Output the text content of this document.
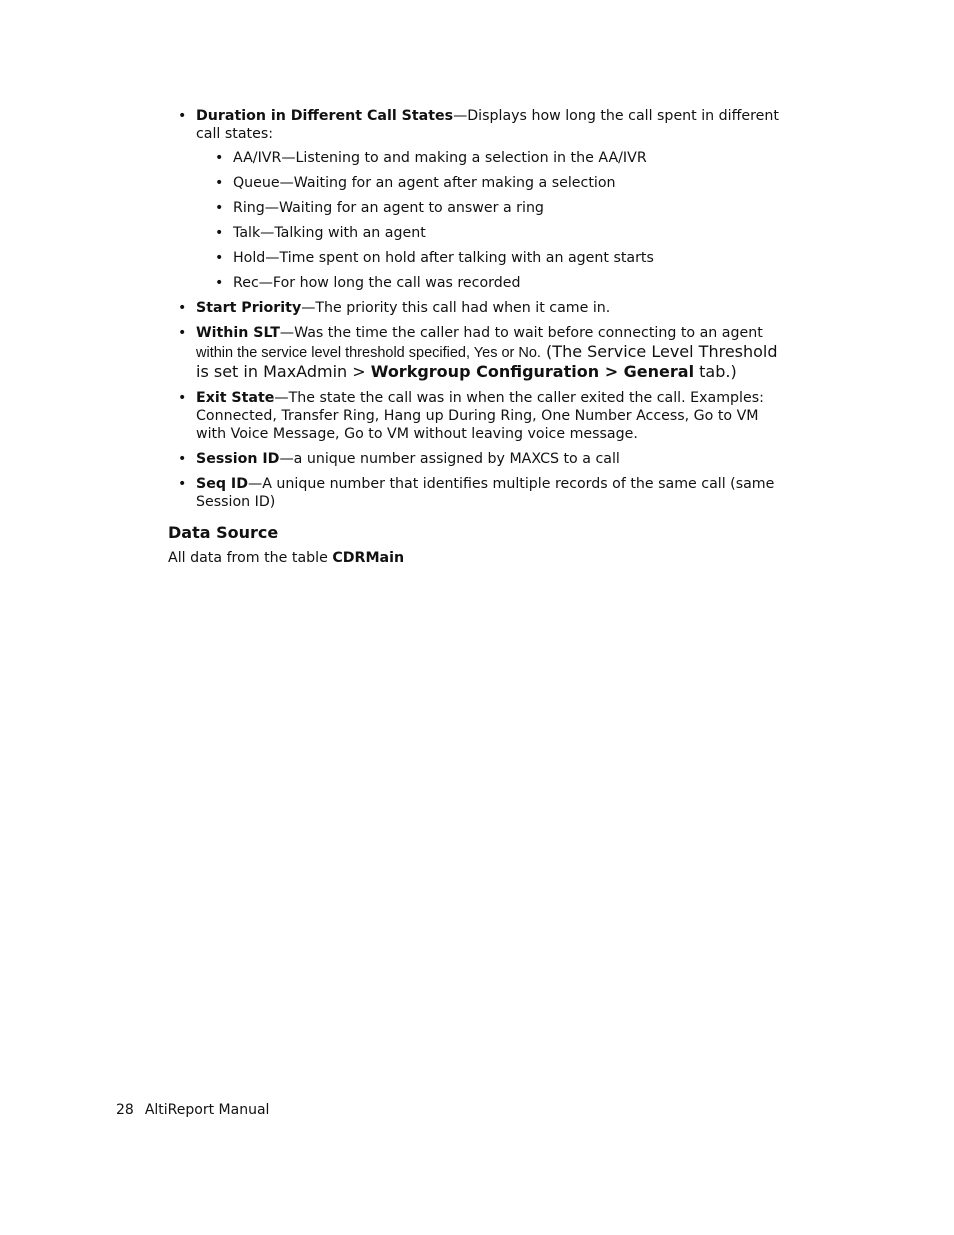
• Duration in Different Call States—Displays how long the call spent in different call states:
• AA/IVR—Listening to and making a selection in the AA/IVR
• Queue—Waiting for an agent after making a selection
• Ring—Waiting for an agent to answer a ring
• Talk—Talking with an agent
• Hold—Time spent on hold after talking with an agent starts
• Rec—For how long the call was recorded
• Start Priority—The priority this call had when it came in.
• Within SLT—Was the time the caller had to wait before connecting to an agent within the service level threshold specified, Yes or No. (The Service Level Threshold is set in MaxAdmin > Workgroup Configuration > General tab.)
• Exit State—The state the call was in when the caller exited the call. Examples: Connected, Transfer Ring, Hang up During Ring, One Number Access, Go to VM with Voice Message, Go to VM without leaving voice message.
• Session ID—a unique number assigned by MAXCS to a call
• Seq ID—A unique number that identifies multiple records of the same call (same Session ID)
Data Source

All data from the table CDRMain

28 AltiReport Manual
